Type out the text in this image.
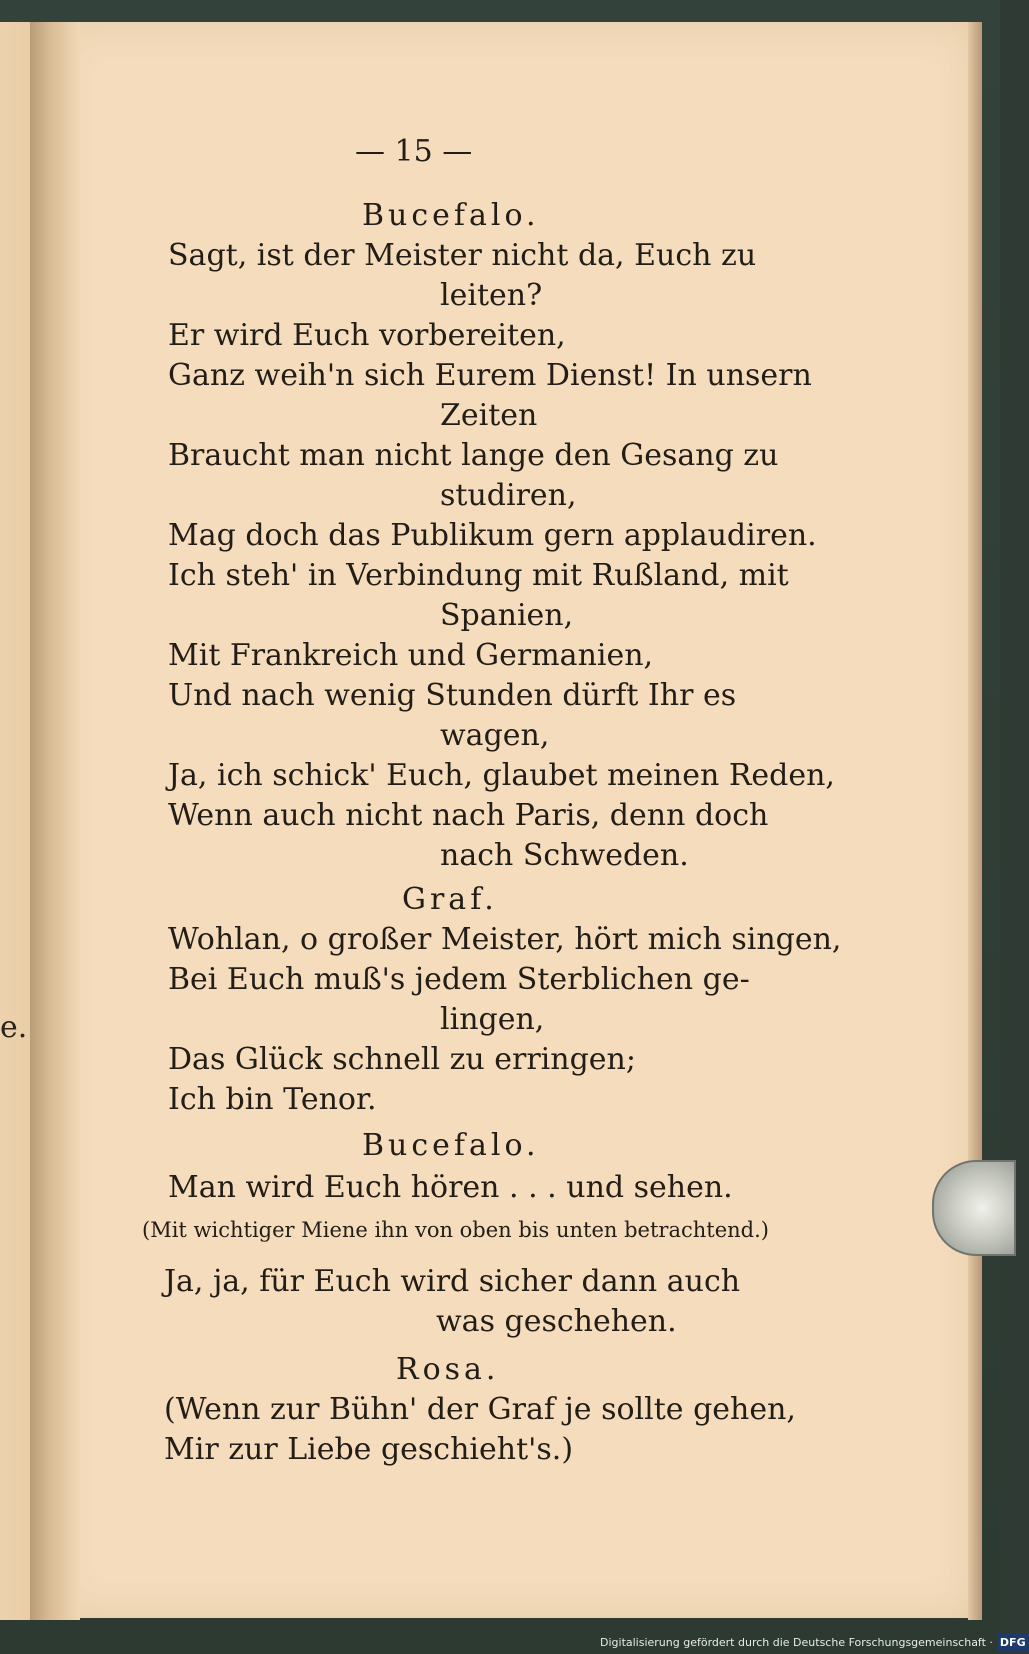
e.
— 15 —
Bucefalo.
Sagt, ist der Meister nicht da, Euch zu
leiten?
Er wird Euch vorbereiten,
Ganz weih'n sich Eurem Dienst! In unsern
Zeiten
Braucht man nicht lange den Gesang zu
studiren,
Mag doch das Publikum gern applaudiren.
Ich steh' in Verbindung mit Rußland, mit
Spanien,
Mit Frankreich und Germanien,
Und nach wenig Stunden dürft Ihr es
wagen,
Ja, ich schick' Euch, glaubet meinen Reden,
Wenn auch nicht nach Paris, denn doch
nach Schweden.
Graf.
Wohlan, o großer Meister, hört mich singen,
Bei Euch muß's jedem Sterblichen ge-
lingen,
Das Glück schnell zu erringen;
Ich bin Tenor.
Bucefalo.
Man wird Euch hören . . . und sehen.
(Mit wichtiger Miene ihn von oben bis unten betrachtend.)
Ja, ja, für Euch wird sicher dann auch
was geschehen.
Rosa.
(Wenn zur Bühn' der Graf je sollte gehen,
Mir zur Liebe geschieht's.)
Digitalisierung gefördert durch die Deutsche Forschungsgemeinschaft · DFG
